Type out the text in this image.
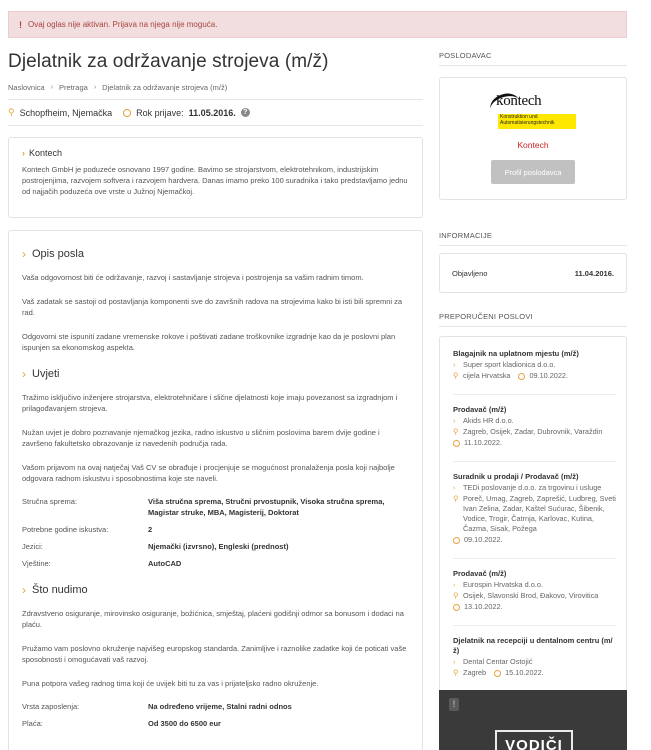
! Ovaj oglas nije aktivan. Prijava na njega nije moguća.
Djelatnik za održavanje strojeva (m/ž)
Naslovnica › Pretraga › Djelatnik za održavanje strojeva (m/ž)
⚲ Schopfheim, Njemačka	Rok prijave: 11.05.2016.	?
› Kontech
Kontech GmbH je poduzeće osnovano 1997 godine. Bavimo se strojarstvom, elektrotehnikom, industrijskim postrojenjima, razvojem softvera i razvojem hardvera. Danas imamo preko 100 suradnika i tako predstavljamo jednu od najjačih poduzeća ove vrste u Južnoj Njemačkoj.
› Opis posla

Vaša odgovornost biti će održavanje, razvoj i sastavljanje strojeva i postrojenja sa vašim radnim timom.

Vaš zadatak se sastoji od postavljanja komponenti sve do završnih radova na strojevima kako bi isti bili spremni za rad.

Odgovorni ste ispuniti zadane vremenske rokove i poštivati zadane troškovnike izgradnje kao da je poslovni plan ispunjen sa ekonomskog aspekta.

› Uvjeti

Tražimo isključivo inženjere strojarstva, elektrotehničare i slične djelatnosti koje imaju povezanost sa izgradnjom i prilagođavanjem strojeva.

Nužan uvjet je dobro poznavanje njemačkog jezika, radno iskustvo u sličnim poslovima barem dvije godine i završeno fakultetsko obrazovanje iz navedenih područja rada.

Vašom prijavom na ovaj natječaj Vaš CV se obrađuje i procjenjuje se mogućnost pronalaženja posla koji najbolje odgovara radnom iskustvu i sposobnostima koje ste naveli.

Stručna sprema:	Viša stručna sprema, Stručni prvostupnik, Visoka stručna sprema, Magistar struke, MBA, Magisterij, Doktorat
Potrebne godine iskustva:	2
Jezici:	Njemački (izvrsno), Engleski (prednost)
Vještine:	AutoCAD
› Što nudimo

Zdravstveno osiguranje, mirovinsko osiguranje, božićnica, smještaj, plaćeni godišnji odmor sa bonusom i dodaci na plaću.

Pružamo vam poslovno okruženje najvišeg europskog standarda. Zanimljive i raznolike zadatke koji će poticati vaše sposobnosti i omogućavati vaš razvoj.

Puna potpora vašeg radnog tima koji će uvijek biti tu za vas i prijateljsko radno okruženje.

Vrsta zaposlenja:	Na određeno vrijeme, Stalni radni odnos
Plaća:	Od 3500 do 6500 eur
POSLODAVAC
kontech
Konstruktion und Automatisierungstechnik
Kontech
Profil poslodavca
INFORMACIJE
Objavljeno	11.04.2016.
PREPORUČENI POSLOVI
Blagajnik na uplatnom mjestu (m/ž)
›	Super sport kladionica d.o.o.
⚲ cijela Hrvatska	09.10.2022.
Prodavač (m/ž)
›	Akids HR d.o.o.
⚲ Zagreb, Osijek, Zadar, Dubrovnik, Varaždin
11.10.2022.
Suradnik u prodaji / Prodavač (m/ž)
›	TEDi poslovanje d.o.o. za trgovinu i usluge
⚲ Poreč, Umag, Zagreb, Zaprešić, Ludbreg, Sveti Ivan Zelina, Zadar, Kaštel Sućurac, Šibenik, Vodice, Trogir, Čatrnja, Karlovac, Kutina, Čazma, Sisak, Požega
09.10.2022.
Prodavač (m/ž)
›	Eurospin Hrvatska d.o.o.
⚲ Osijek, Slavonski Brod, Đakovo, Virovitica
13.10.2022.
Djelatnik na recepciji u dentalnom centru (m/ž)
›	Dental Centar Ostojić
⚲ Zagreb	15.10.2022.
!
VODIČI
